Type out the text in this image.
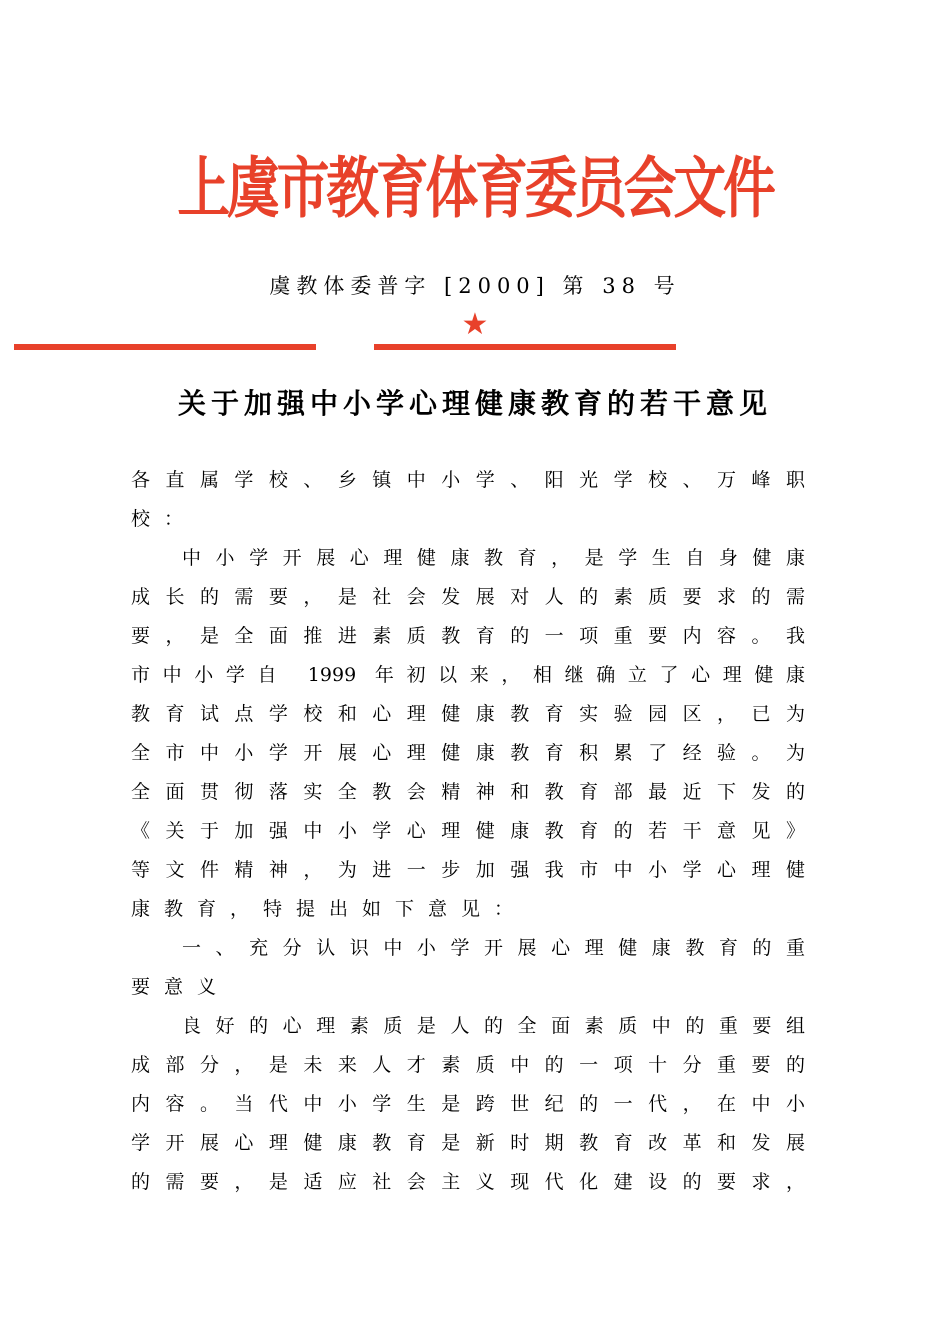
上虞市教育体育委员会文件
虞教体委普字 [2000] 第 38 号
★
关于加强中小学心理健康教育的若干意见
各直属学校、乡镇中小学、阳光学校、万峰职
校：
中小学开展心理健康教育，是学生自身健康
成长的需要，是社会发展对人的素质要求的需
要，是全面推进素质教育的一项重要内容。我
市中小学自 1999 年初以来，相继确立了心理健康
教育试点学校和心理健康教育实验园区，已为
全市中小学开展心理健康教育积累了经验。为
全面贯彻落实全教会精神和教育部最近下发的
《关于加强中小学心理健康教育的若干意见》
等文件精神，为进一步加强我市中小学心理健
康教育，特提出如下意见：
一、充分认识中小学开展心理健康教育的重
要意义
良好的心理素质是人的全面素质中的重要组
成部分，是未来人才素质中的一项十分重要的
内容。当代中小学生是跨世纪的一代，在中小
学开展心理健康教育是新时期教育改革和发展
的需要，是适应社会主义现代化建设的要求，
